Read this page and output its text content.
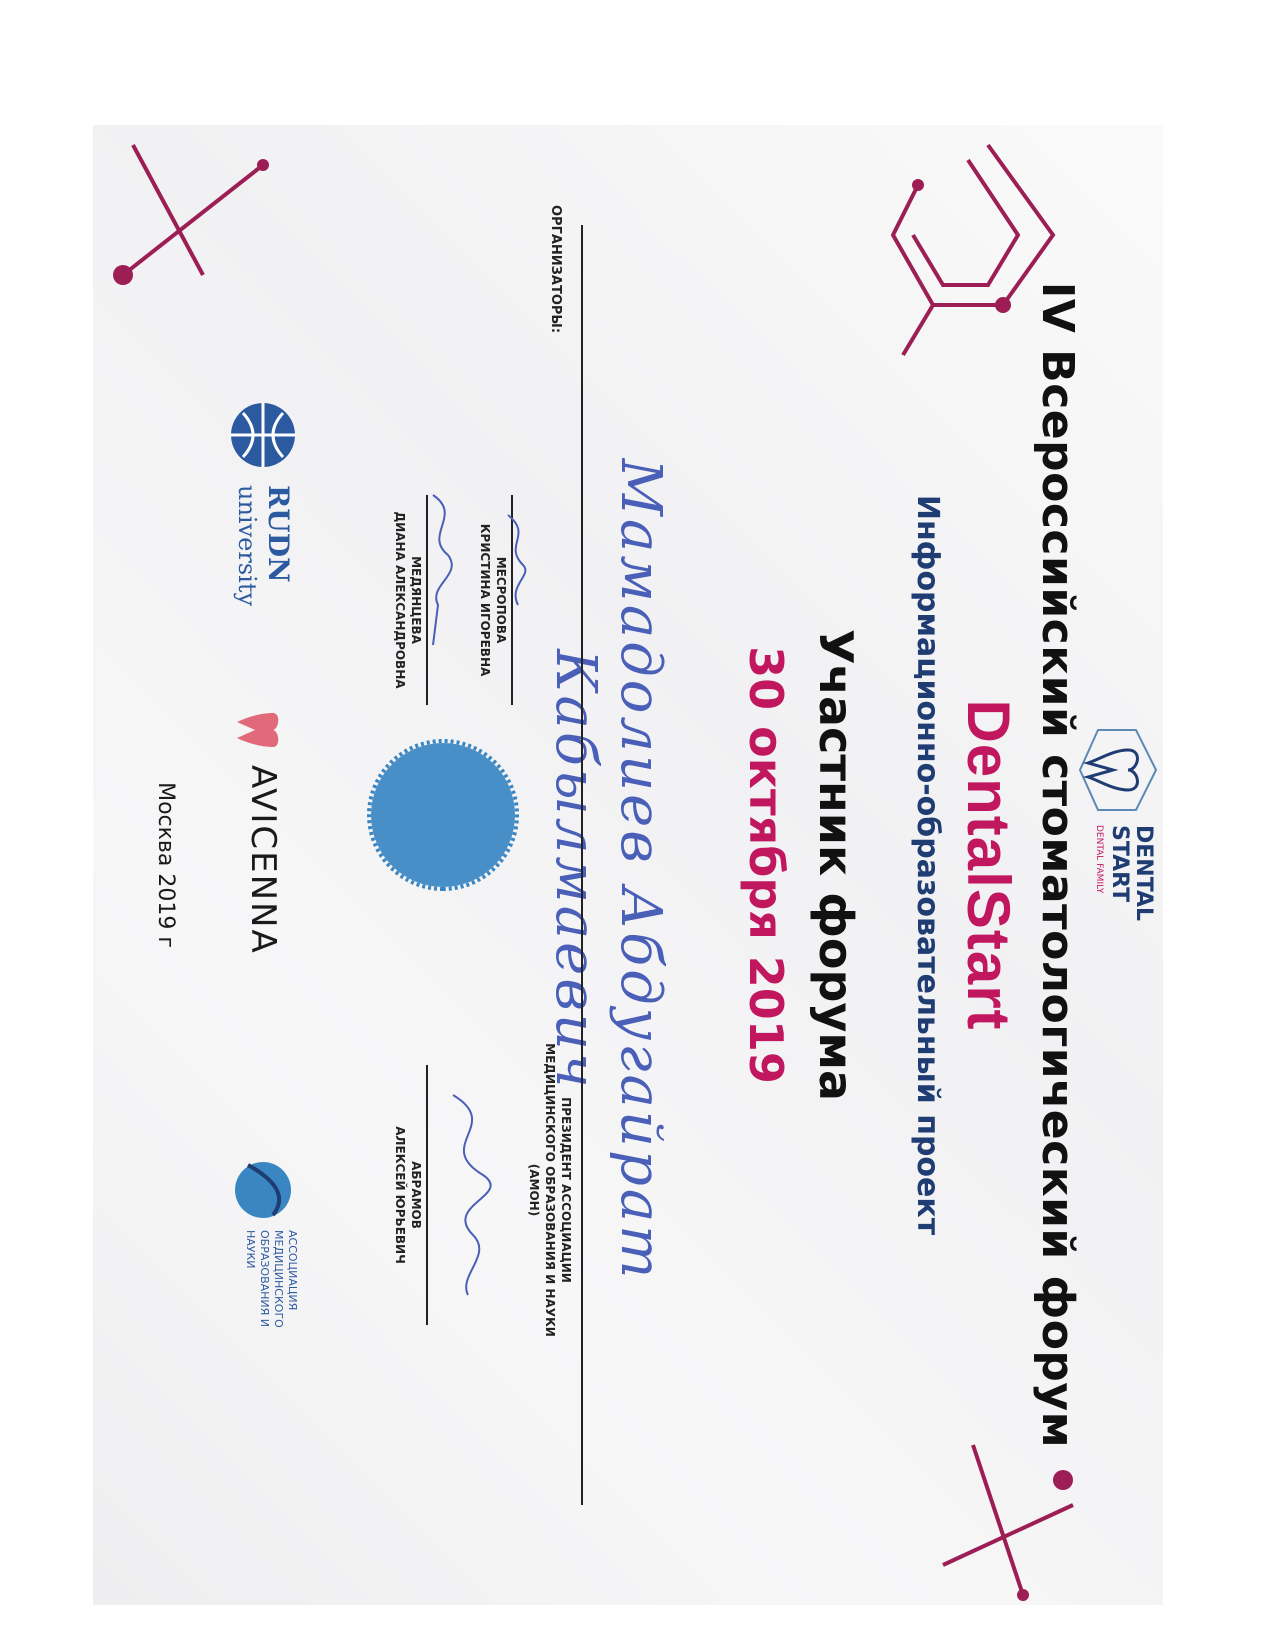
DENTAL
START
DENTAL FAMILY
IV Всероссийский стоматологический форум
DentalStart
Информационно-образовательный проект
Участник форума
30 октября 2019
Мамадолиев Абдугайрат Кабылмаевич
ОРГАНИЗАТОРЫ:
МЕСРОПОВА
КРИСТИНА ИГОРЕВНА
МЕДЯНЦЕВА
ДИАНА АЛЕКСАНДРОВНА
ПРЕЗИДЕНТ АССОЦИАЦИИ
МЕДИЦИНСКОГО ОБРАЗОВАНИЯ И НАУКИ
(АМОН)
АБРАМОВ
АЛЕКСЕЙ ЮРЬЕВИЧ
RUDN
university
AVICENNA
АССОЦИАЦИЯ
МЕДИЦИНСКОГО
ОБРАЗОВАНИЯ И
НАУКИ
Москва 2019 г
